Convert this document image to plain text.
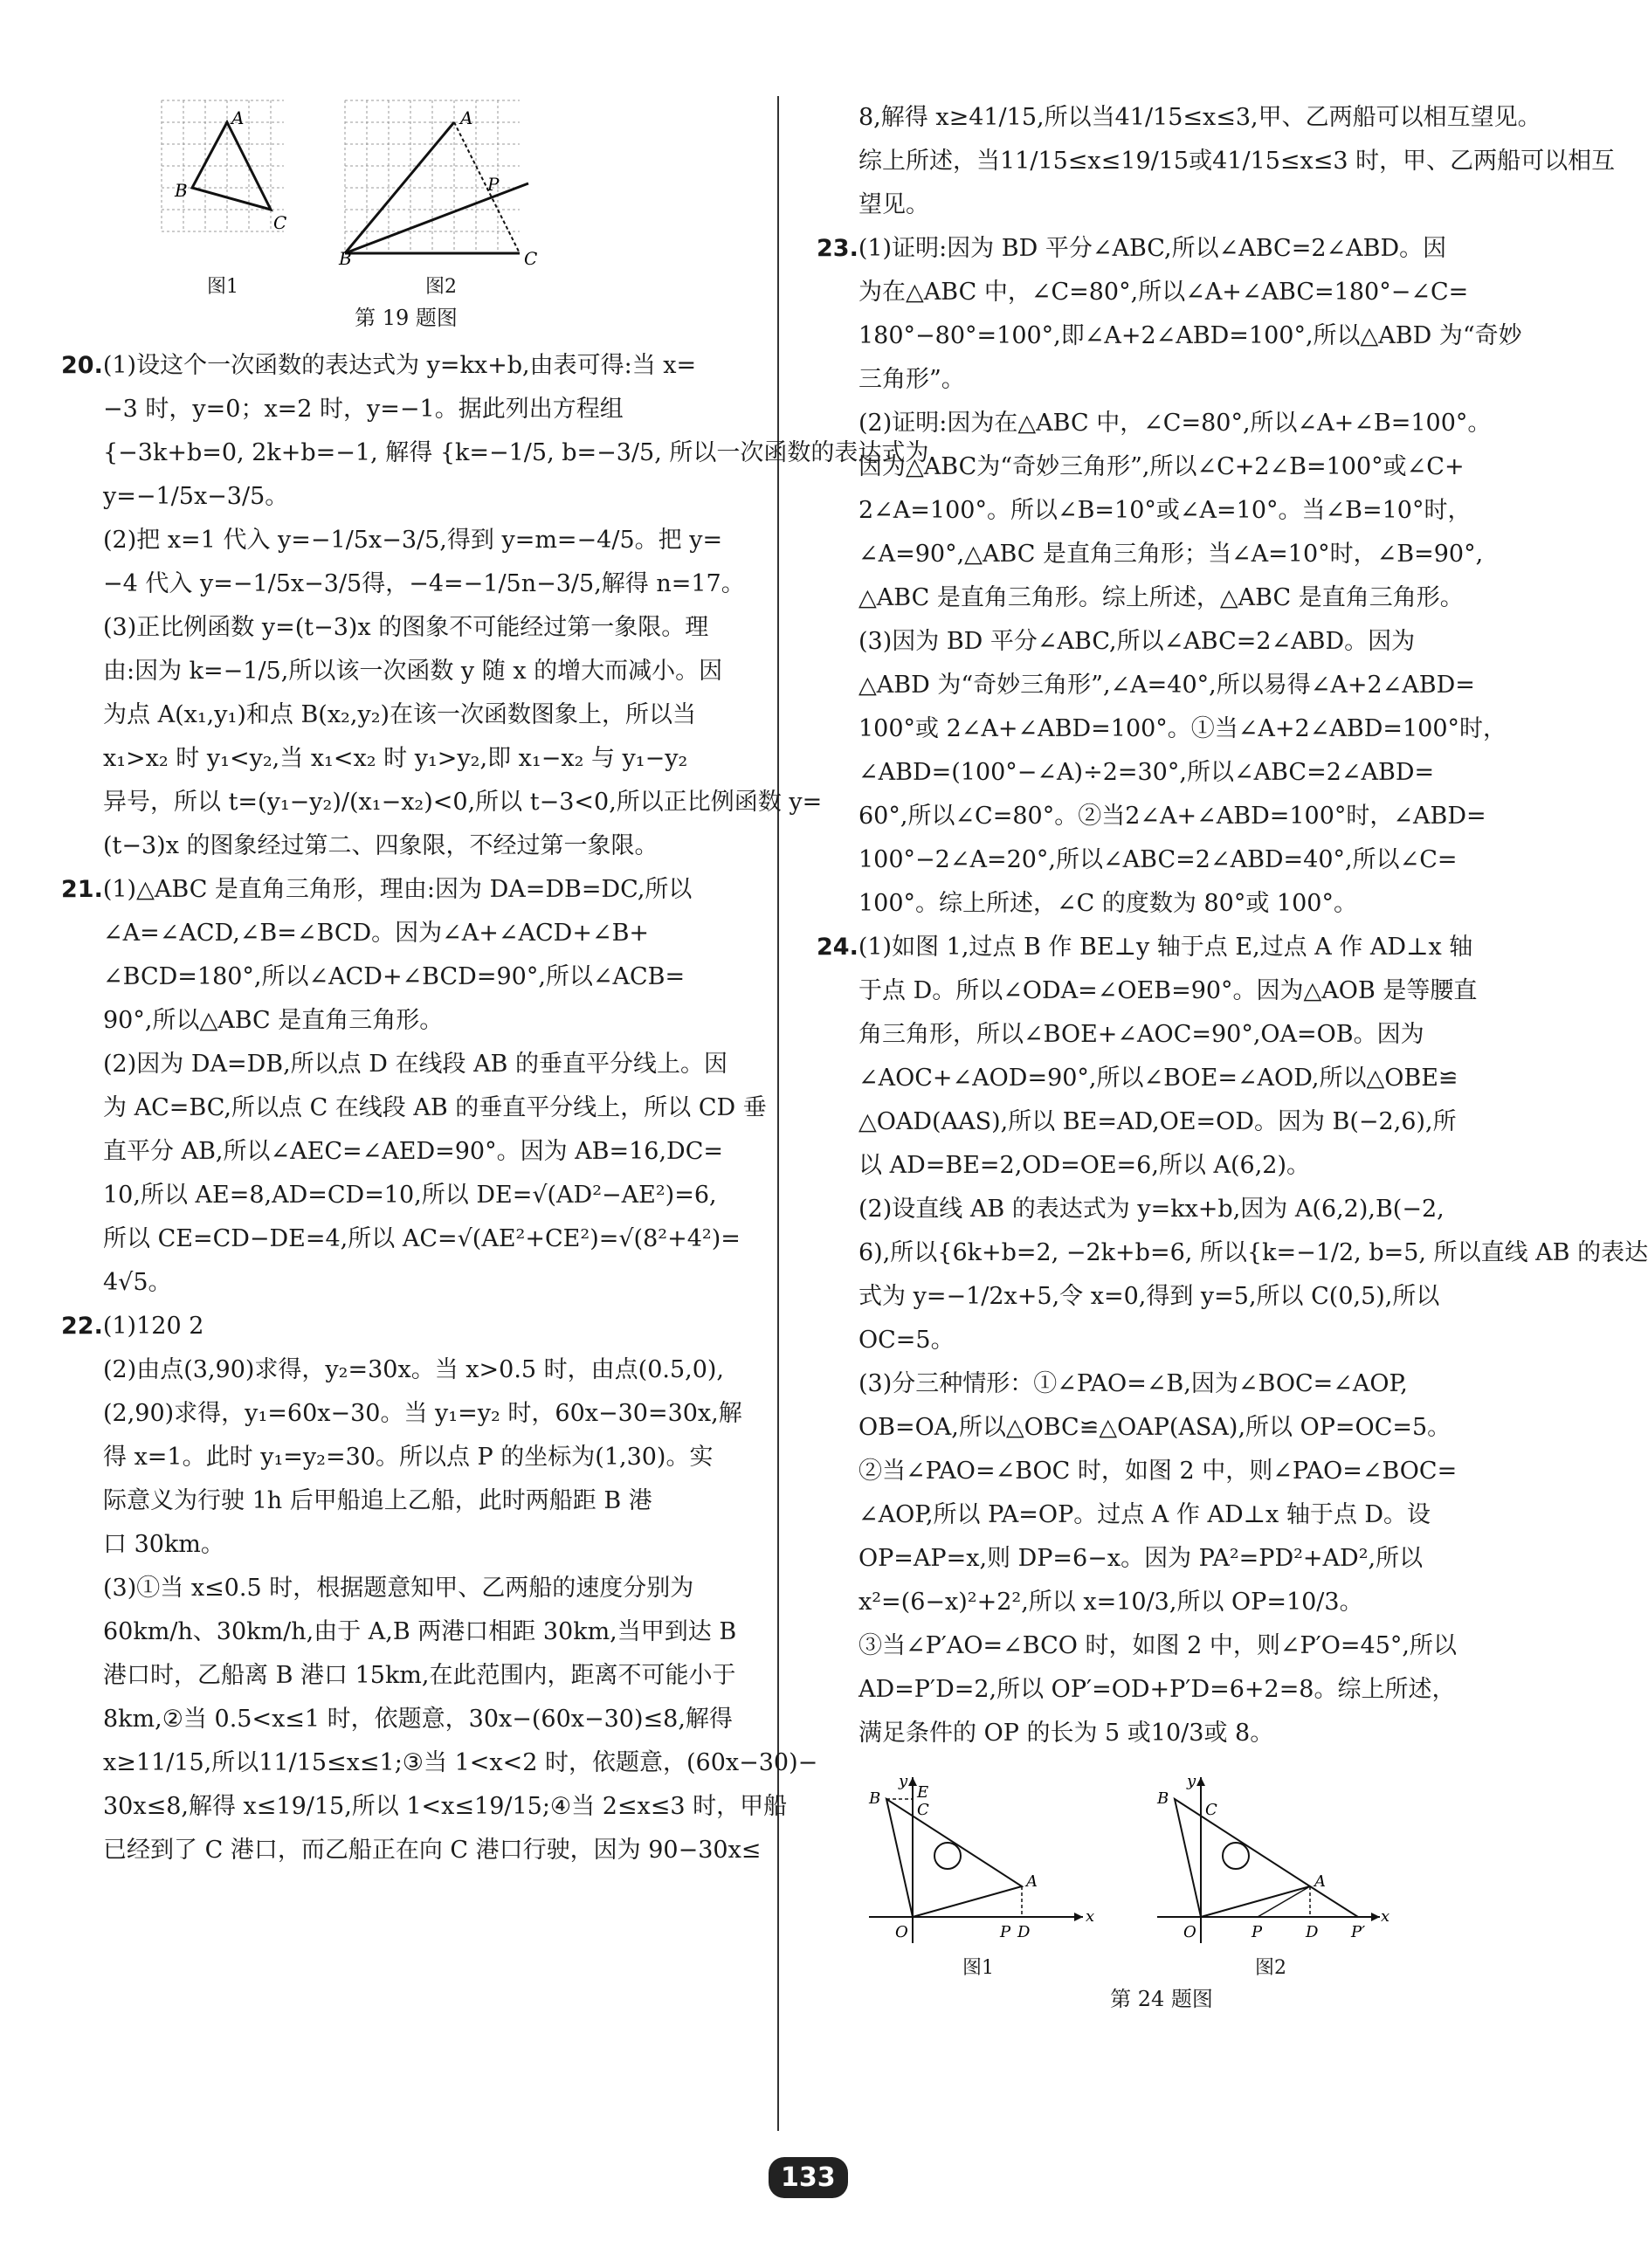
A
B
C
图1
A
B	C
P
图2
第 19 题图
20.(1)设这个一次函数的表达式为 y=kx+b,由表可得:当 x=
−3 时，y=0；x=2 时，y=−1。据此列出方程组
{−3k+b=0, 2k+b=−1, 解得 {k=−1/5, b=−3/5, 所以一次函数的表达式为
y=−1/5x−3/5。
(2)把 x=1 代入 y=−1/5x−3/5,得到 y=m=−4/5。把 y=
−4 代入 y=−1/5x−3/5得，−4=−1/5n−3/5,解得 n=17。
(3)正比例函数 y=(t−3)x 的图象不可能经过第一象限。理
由:因为 k=−1/5,所以该一次函数 y 随 x 的增大而减小。因
为点 A(x₁,y₁)和点 B(x₂,y₂)在该一次函数图象上，所以当
x₁>x₂ 时 y₁<y₂,当 x₁<x₂ 时 y₁>y₂,即 x₁−x₂ 与 y₁−y₂
异号，所以 t=(y₁−y₂)/(x₁−x₂)<0,所以 t−3<0,所以正比例函数 y=
(t−3)x 的图象经过第二、四象限，不经过第一象限。
21.(1)△ABC 是直角三角形，理由:因为 DA=DB=DC,所以
∠A=∠ACD,∠B=∠BCD。因为∠A+∠ACD+∠B+
∠BCD=180°,所以∠ACD+∠BCD=90°,所以∠ACB=
90°,所以△ABC 是直角三角形。
(2)因为 DA=DB,所以点 D 在线段 AB 的垂直平分线上。因
为 AC=BC,所以点 C 在线段 AB 的垂直平分线上，所以 CD 垂
直平分 AB,所以∠AEC=∠AED=90°。因为 AB=16,DC=
10,所以 AE=8,AD=CD=10,所以 DE=√(AD²−AE²)=6,
所以 CE=CD−DE=4,所以 AC=√(AE²+CE²)=√(8²+4²)=
4√5。
22.(1)120 2
(2)由点(3,90)求得，y₂=30x。当 x>0.5 时，由点(0.5,0),
(2,90)求得，y₁=60x−30。当 y₁=y₂ 时，60x−30=30x,解
得 x=1。此时 y₁=y₂=30。所以点 P 的坐标为(1,30)。实
际意义为行驶 1h 后甲船追上乙船，此时两船距 B 港
口 30km。
(3)①当 x≤0.5 时，根据题意知甲、乙两船的速度分别为
60km/h、30km/h,由于 A,B 两港口相距 30km,当甲到达 B
港口时，乙船离 B 港口 15km,在此范围内，距离不可能小于
8km,②当 0.5<x≤1 时，依题意，30x−(60x−30)≤8,解得
x≥11/15,所以11/15≤x≤1;③当 1<x<2 时，依题意，(60x−30)−
30x≤8,解得 x≤19/15,所以 1<x≤19/15;④当 2≤x≤3 时，甲船
已经到了 C 港口，而乙船正在向 C 港口行驶，因为 90−30x≤
8,解得 x≥41/15,所以当41/15≤x≤3,甲、乙两船可以相互望见。
综上所述，当11/15≤x≤19/15或41/15≤x≤3 时，甲、乙两船可以相互
望见。
23.(1)证明:因为 BD 平分∠ABC,所以∠ABC=2∠ABD。因
为在△ABC 中，∠C=80°,所以∠A+∠ABC=180°−∠C=
180°−80°=100°,即∠A+2∠ABD=100°,所以△ABD 为“奇妙
三角形”。
(2)证明:因为在△ABC 中，∠C=80°,所以∠A+∠B=100°。
因为△ABC为“奇妙三角形”,所以∠C+2∠B=100°或∠C+
2∠A=100°。所以∠B=10°或∠A=10°。当∠B=10°时，
∠A=90°,△ABC 是直角三角形；当∠A=10°时，∠B=90°,
△ABC 是直角三角形。综上所述，△ABC 是直角三角形。
(3)因为 BD 平分∠ABC,所以∠ABC=2∠ABD。因为
△ABD 为“奇妙三角形”,∠A=40°,所以易得∠A+2∠ABD=
100°或 2∠A+∠ABD=100°。①当∠A+2∠ABD=100°时，
∠ABD=(100°−∠A)÷2=30°,所以∠ABC=2∠ABD=
60°,所以∠C=80°。②当2∠A+∠ABD=100°时，∠ABD=
100°−2∠A=20°,所以∠ABC=2∠ABD=40°,所以∠C=
100°。综上所述，∠C 的度数为 80°或 100°。
24.(1)如图 1,过点 B 作 BE⊥y 轴于点 E,过点 A 作 AD⊥x 轴
于点 D。所以∠ODA=∠OEB=90°。因为△AOB 是等腰直
角三角形，所以∠BOE+∠AOC=90°,OA=OB。因为
∠AOC+∠AOD=90°,所以∠BOE=∠AOD,所以△OBE≌
△OAD(AAS),所以 BE=AD,OE=OD。因为 B(−2,6),所
以 AD=BE=2,OD=OE=6,所以 A(6,2)。
(2)设直线 AB 的表达式为 y=kx+b,因为 A(6,2),B(−2,
6),所以{6k+b=2, −2k+b=6, 所以{k=−1/2, b=5, 所以直线 AB 的表达
式为 y=−1/2x+5,令 x=0,得到 y=5,所以 C(0,5),所以
OC=5。
(3)分三种情形：①∠PAO=∠B,因为∠BOC=∠AOP,
OB=OA,所以△OBC≌△OAP(ASA),所以 OP=OC=5。
②当∠PAO=∠BOC 时，如图 2 中，则∠PAO=∠BOC=
∠AOP,所以 PA=OP。过点 A 作 AD⊥x 轴于点 D。设
OP=AP=x,则 DP=6−x。因为 PA²=PD²+AD²,所以
x²=(6−x)²+2²,所以 x=10/3,所以 OP=10/3。
③当∠P′AO=∠BCO 时，如图 2 中，则∠P′O=45°,所以
AD=P′D=2,所以 OP′=OD+P′D=6+2=8。综上所述，
满足条件的 OP 的长为 5 或10/3或 8。
y
B E
C
A
O	P D
x
图1
y
B
C
A
O	P	D P′
x
图2
第 24 题图
133
